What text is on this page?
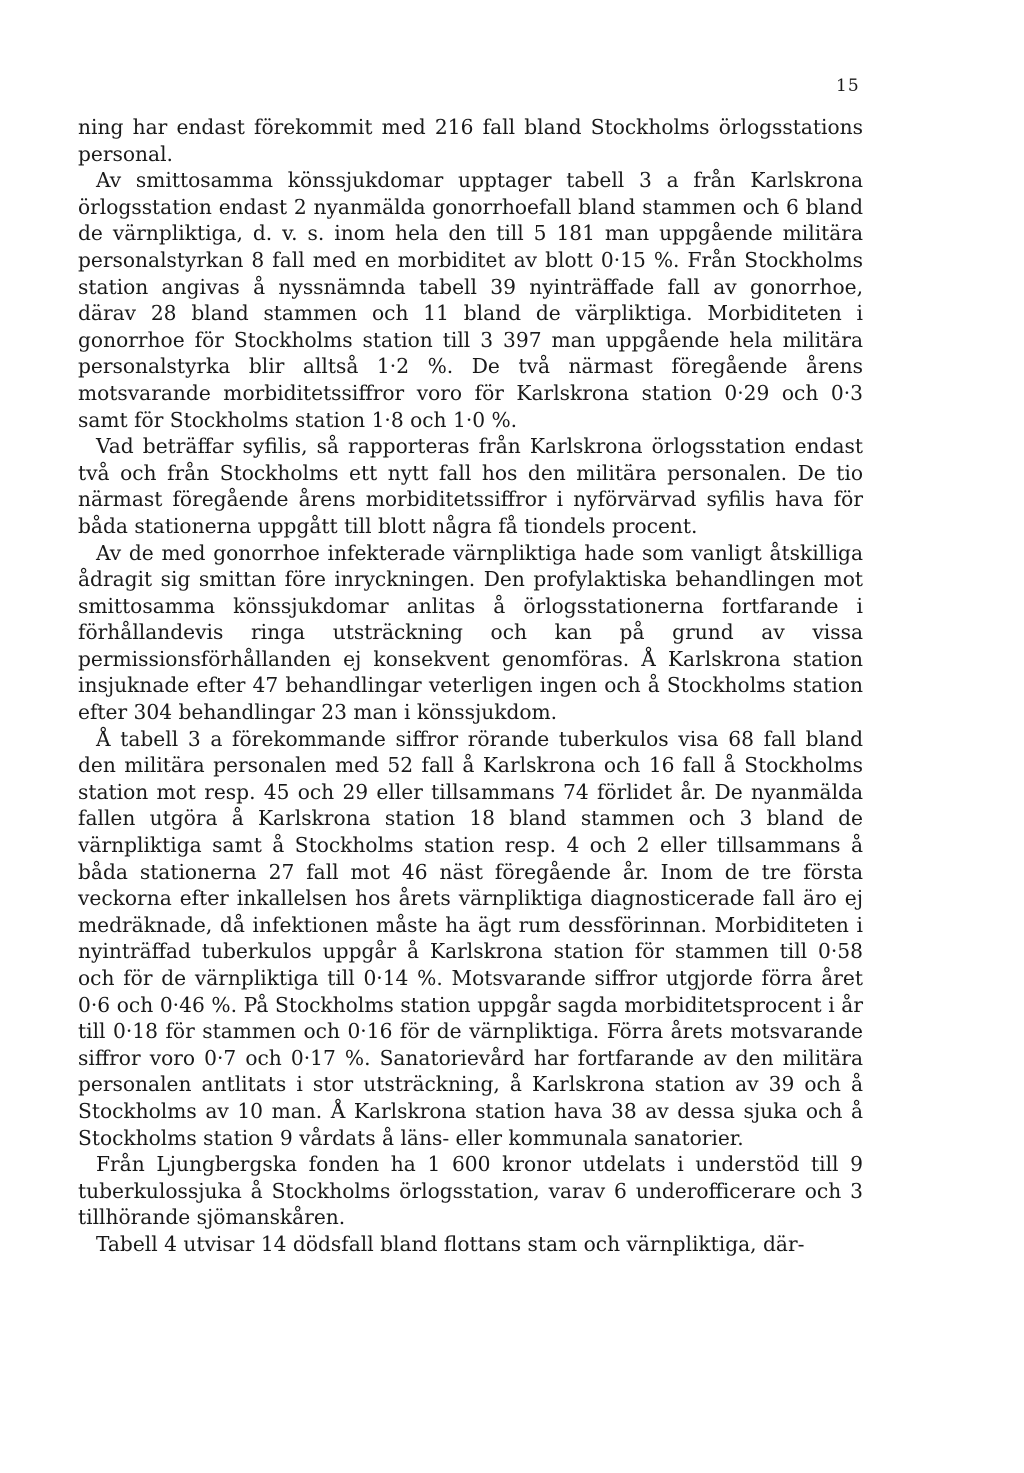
15

ning har endast förekommit med 216 fall bland Stockholms örlogsstations personal.

Av smittosamma könssjukdomar upptager tabell 3 a från Karlskrona örlogsstation endast 2 nyanmälda gonorrhoefall bland stammen och 6 bland de värnpliktiga, d. v. s. inom hela den till 5 181 man uppgående militära personalstyrkan 8 fall med en morbiditet av blott 0·15 %. Från Stockholms station angivas å nyssnämnda tabell 39 nyinträffade fall av gonorrhoe, därav 28 bland stammen och 11 bland de värpliktiga. Morbiditeten i gonorrhoe för Stockholms station till 3 397 man uppgående hela militära personalstyrka blir alltså 1·2 %. De två närmast föregående årens motsvarande morbiditetssiffror voro för Karlskrona station 0·29 och 0·3 samt för Stockholms station 1·8 och 1·0 %.

Vad beträffar syfilis, så rapporteras från Karlskrona örlogsstation endast två och från Stockholms ett nytt fall hos den militära personalen. De tio närmast föregående årens morbiditetssiffror i nyförvärvad syfilis hava för båda stationerna uppgått till blott några få tiondels procent.

Av de med gonorrhoe infekterade värnpliktiga hade som vanligt åtskilliga ådragit sig smittan före inryckningen. Den profylaktiska behandlingen mot smittosamma könssjukdomar anlitas å örlogsstationerna fortfarande i förhållandevis ringa utsträckning och kan på grund av vissa permissionsförhållanden ej konsekvent genomföras. Å Karlskrona station insjuknade efter 47 behandlingar veterligen ingen och å Stockholms station efter 304 behandlingar 23 man i könssjukdom.

Å tabell 3 a förekommande siffror rörande tuberkulos visa 68 fall bland den militära personalen med 52 fall å Karlskrona och 16 fall å Stockholms station mot resp. 45 och 29 eller tillsammans 74 förlidet år. De nyanmälda fallen utgöra å Karlskrona station 18 bland stammen och 3 bland de värnpliktiga samt å Stockholms station resp. 4 och 2 eller tillsammans å båda stationerna 27 fall mot 46 näst föregående år. Inom de tre första veckorna efter inkallelsen hos årets värnpliktiga diagnosticerade fall äro ej medräknade, då infektionen måste ha ägt rum dessförinnan. Morbiditeten i nyinträffad tuberkulos uppgår å Karlskrona station för stammen till 0·58 och för de värnpliktiga till 0·14 %. Motsvarande siffror utgjorde förra året 0·6 och 0·46 %. På Stockholms station uppgår sagda morbiditetsprocent i år till 0·18 för stammen och 0·16 för de värnpliktiga. Förra årets motsvarande siffror voro 0·7 och 0·17 %. Sanatorievård har fortfarande av den militära personalen antlitats i stor utsträckning, å Karlskrona station av 39 och å Stockholms av 10 man. Å Karlskrona station hava 38 av dessa sjuka och å Stockholms station 9 vårdats å läns- eller kommunala sanatorier.

Från Ljungbergska fonden ha 1 600 kronor utdelats i understöd till 9 tuberkulossjuka å Stockholms örlogsstation, varav 6 underofficerare och 3 tillhörande sjömanskåren.

Tabell 4 utvisar 14 dödsfall bland flottans stam och värnpliktiga, där-
